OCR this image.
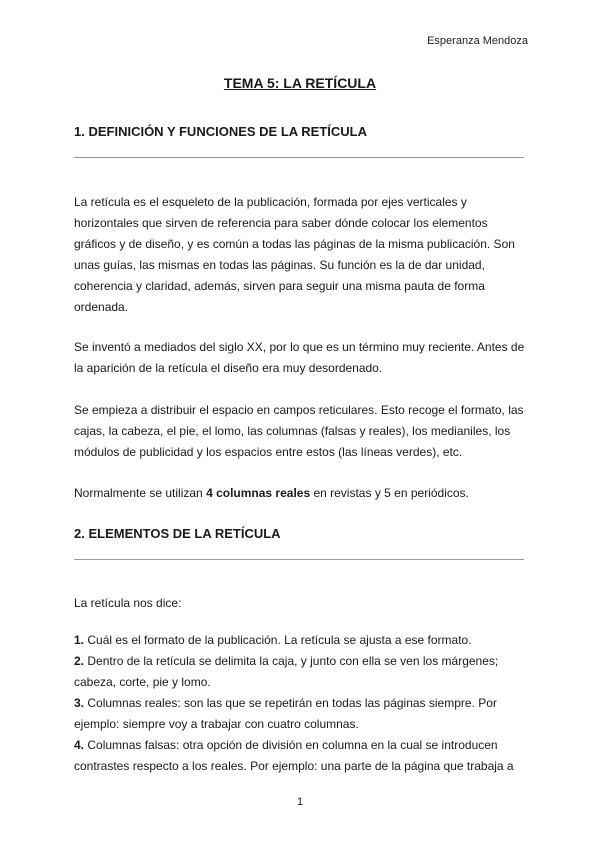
Esperanza Mendoza
TEMA 5: LA RETÍCULA
1. DEFINICIÓN Y FUNCIONES DE LA RETÍCULA

La retícula es el esqueleto de la publicación, formada por ejes verticales y horizontales que sirven de referencia para saber dónde colocar los elementos gráficos y de diseño, y es común a todas las páginas de la misma publicación. Son unas guías, las mismas en todas las páginas. Su función es la de dar unidad, coherencia y claridad, además, sirven para seguir una misma pauta de forma ordenada.

Se inventó a mediados del siglo XX, por lo que es un término muy reciente. Antes de la aparición de la retícula el diseño era muy desordenado.

Se empieza a distribuir el espacio en campos reticulares. Esto recoge el formato, las cajas, la cabeza, el pie, el lomo, las columnas (falsas y reales), los medianiles, los módulos de publicidad y los espacios entre estos (las líneas verdes), etc.

Normalmente se utilizan 4 columnas reales en revistas y 5 en periódicos.

2. ELEMENTOS DE LA RETÍCULA

La retícula nos dice:

1. Cuál es el formato de la publicación. La retícula se ajusta a ese formato.
2. Dentro de la retícula se delimita la caja, y junto con ella se ven los márgenes; cabeza, corte, pie y lomo.
3. Columnas reales: son las que se repetirán en todas las páginas siempre. Por ejemplo: siempre voy a trabajar con cuatro columnas.
4. Columnas falsas: otra opción de división en columna en la cual se introducen contrastes respecto a los reales. Por ejemplo: una parte de la página que trabaja a
1
